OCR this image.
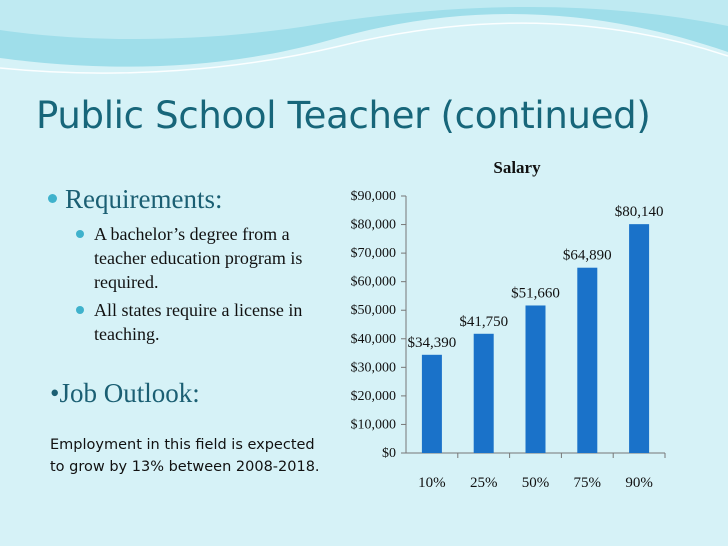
Public School Teacher (continued)
Requirements:
A bachelor’s degree from a teacher education program is required.
All states require a license in teaching.
•Job Outlook:
Employment in this field is expected to grow by 13% between 2008-2018.
Salary
$0
$10,000
$20,000
$30,000
$40,000
$50,000
$60,000
$70,000
$80,000
$90,000
$34,390
$41,750
$51,660
$64,890
$80,140
10% 25% 50% 75% 90%
